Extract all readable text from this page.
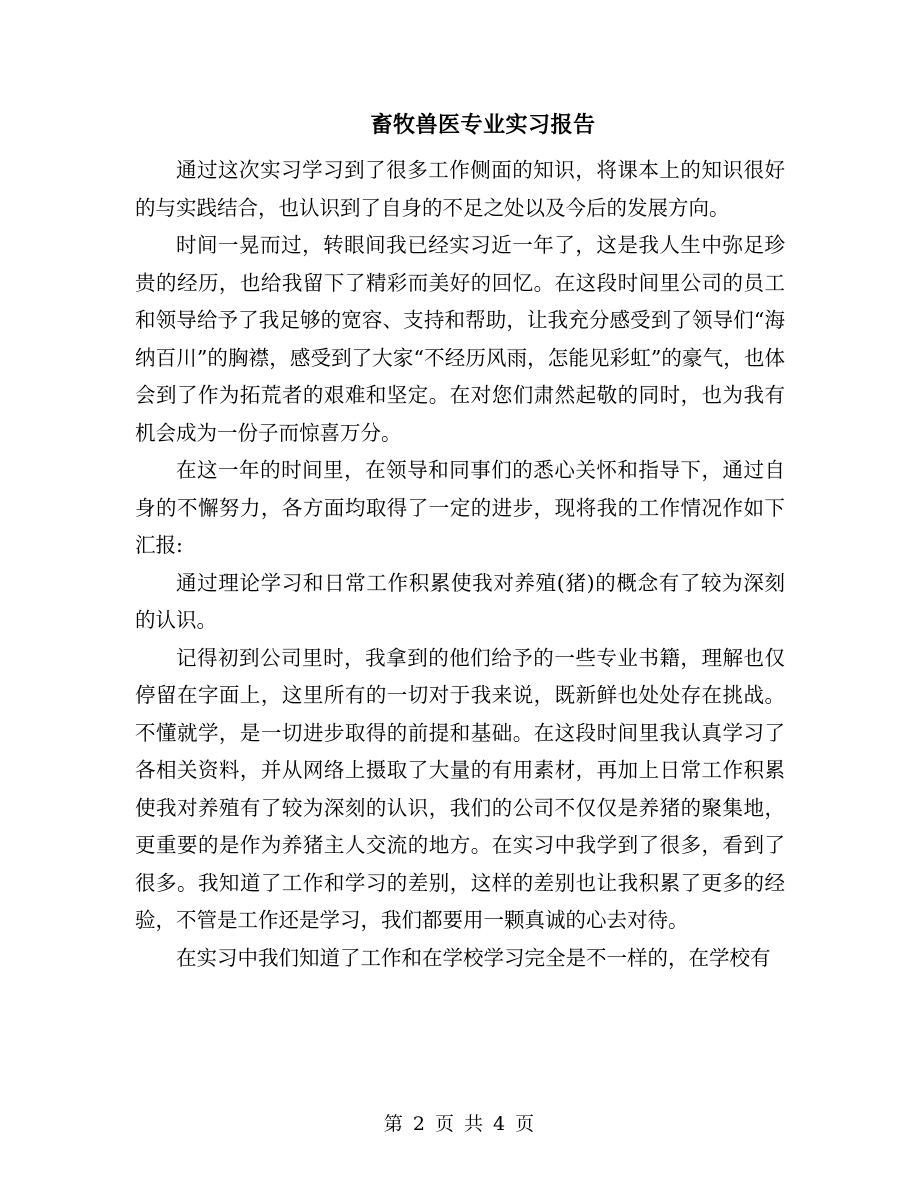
畜牧兽医专业实习报告

通过这次实习学习到了很多工作侧面的知识，将课本上的知识很好的与实践结合，也认识到了自身的不足之处以及今后的发展方向。

时间一晃而过，转眼间我已经实习近一年了，这是我人生中弥足珍贵的经历，也给我留下了精彩而美好的回忆。在这段时间里公司的员工和领导给予了我足够的宽容、支持和帮助，让我充分感受到了领导们“海纳百川”的胸襟，感受到了大家“不经历风雨，怎能见彩虹”的豪气，也体会到了作为拓荒者的艰难和坚定。在对您们肃然起敬的同时，也为我有机会成为一份子而惊喜万分。

在这一年的时间里，在领导和同事们的悉心关怀和指导下，通过自身的不懈努力，各方面均取得了一定的进步，现将我的工作情况作如下汇报:

通过理论学习和日常工作积累使我对养殖(猪)的概念有了较为深刻的认识。

记得初到公司里时，我拿到的他们给予的一些专业书籍，理解也仅停留在字面上，这里所有的一切对于我来说，既新鲜也处处存在挑战。不懂就学，是一切进步取得的前提和基础。在这段时间里我认真学习了各相关资料，并从网络上摄取了大量的有用素材，再加上日常工作积累使我对养殖有了较为深刻的认识，我们的公司不仅仅是养猪的聚集地，更重要的是作为养猪主人交流的地方。在实习中我学到了很多，看到了很多。我知道了工作和学习的差别，这样的差别也让我积累了更多的经验，不管是工作还是学习，我们都要用一颗真诚的心去对待。

在实习中我们知道了工作和在学校学习完全是不一样的，在学校有

第 2 页 共 4 页
